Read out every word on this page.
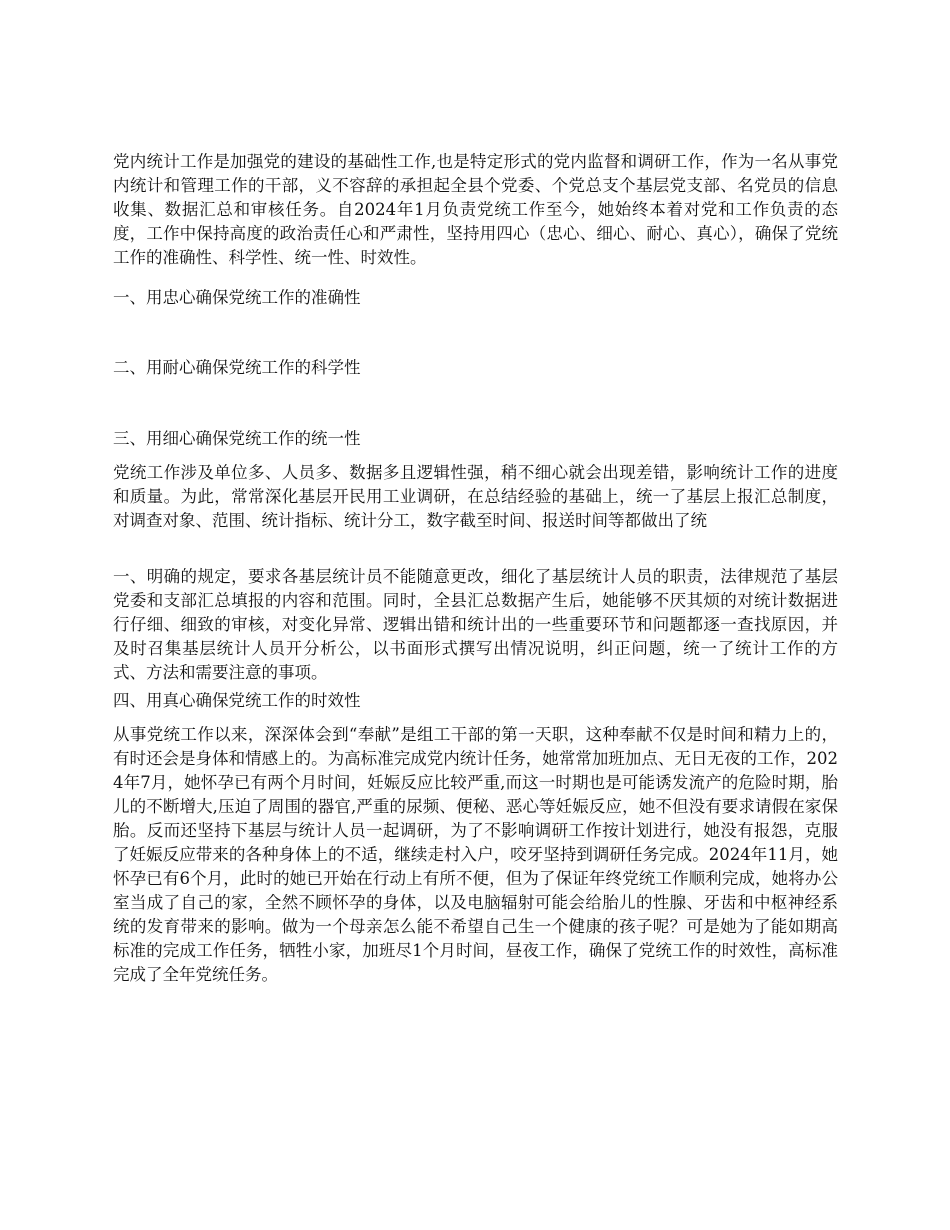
党内统计工作是加强党的建设的基础性工作,也是特定形式的党内监督和调研工作，作为一名从事党内统计和管理工作的干部，义不容辞的承担起全县个党委、个党总支个基层党支部、名党员的信息收集、数据汇总和审核任务。自2024年1月负责党统工作至今，她始终本着对党和工作负责的态度，工作中保持高度的政治责任心和严肃性，坚持用四心（忠心、细心、耐心、真心），确保了党统工作的准确性、科学性、统一性、时效性。

一、用忠心确保党统工作的准确性

二、用耐心确保党统工作的科学性

三、用细心确保党统工作的统一性

党统工作涉及单位多、人员多、数据多且逻辑性强，稍不细心就会出现差错，影响统计工作的进度和质量。为此，常常深化基层开民用工业调研，在总结经验的基础上，统一了基层上报汇总制度，对调查对象、范围、统计指标、统计分工，数字截至时间、报送时间等都做出了统

一、明确的规定，要求各基层统计员不能随意更改，细化了基层统计人员的职责，法律规范了基层党委和支部汇总填报的内容和范围。同时，全县汇总数据产生后，她能够不厌其烦的对统计数据进行仔细、细致的审核，对变化异常、逻辑出错和统计出的一些重要环节和问题都逐一查找原因，并及时召集基层统计人员开分析公，以书面形式撰写出情况说明，纠正问题，统一了统计工作的方式、方法和需要注意的事项。

四、用真心确保党统工作的时效性

从事党统工作以来，深深体会到“奉献”是组工干部的第一天职，这种奉献不仅是时间和精力上的，有时还会是身体和情感上的。为高标准完成党内统计任务，她常常加班加点、无日无夜的工作，2024年7月，她怀孕已有两个月时间，妊娠反应比较严重,而这一时期也是可能诱发流产的危险时期，胎儿的不断增大,压迫了周围的器官,严重的尿频、便秘、恶心等妊娠反应，她不但没有要求请假在家保胎。反而还坚持下基层与统计人员一起调研，为了不影响调研工作按计划进行，她没有报怨，克服了妊娠反应带来的各种身体上的不适，继续走村入户，咬牙坚持到调研任务完成。2024年11月，她怀孕已有6个月，此时的她已开始在行动上有所不便，但为了保证年终党统工作顺利完成，她将办公室当成了自己的家，全然不顾怀孕的身体，以及电脑辐射可能会给胎儿的性腺、牙齿和中枢神经系统的发育带来的影响。做为一个母亲怎么能不希望自己生一个健康的孩子呢？可是她为了能如期高标准的完成工作任务，牺牲小家，加班尽1个月时间，昼夜工作，确保了党统工作的时效性，高标准完成了全年党统任务。
